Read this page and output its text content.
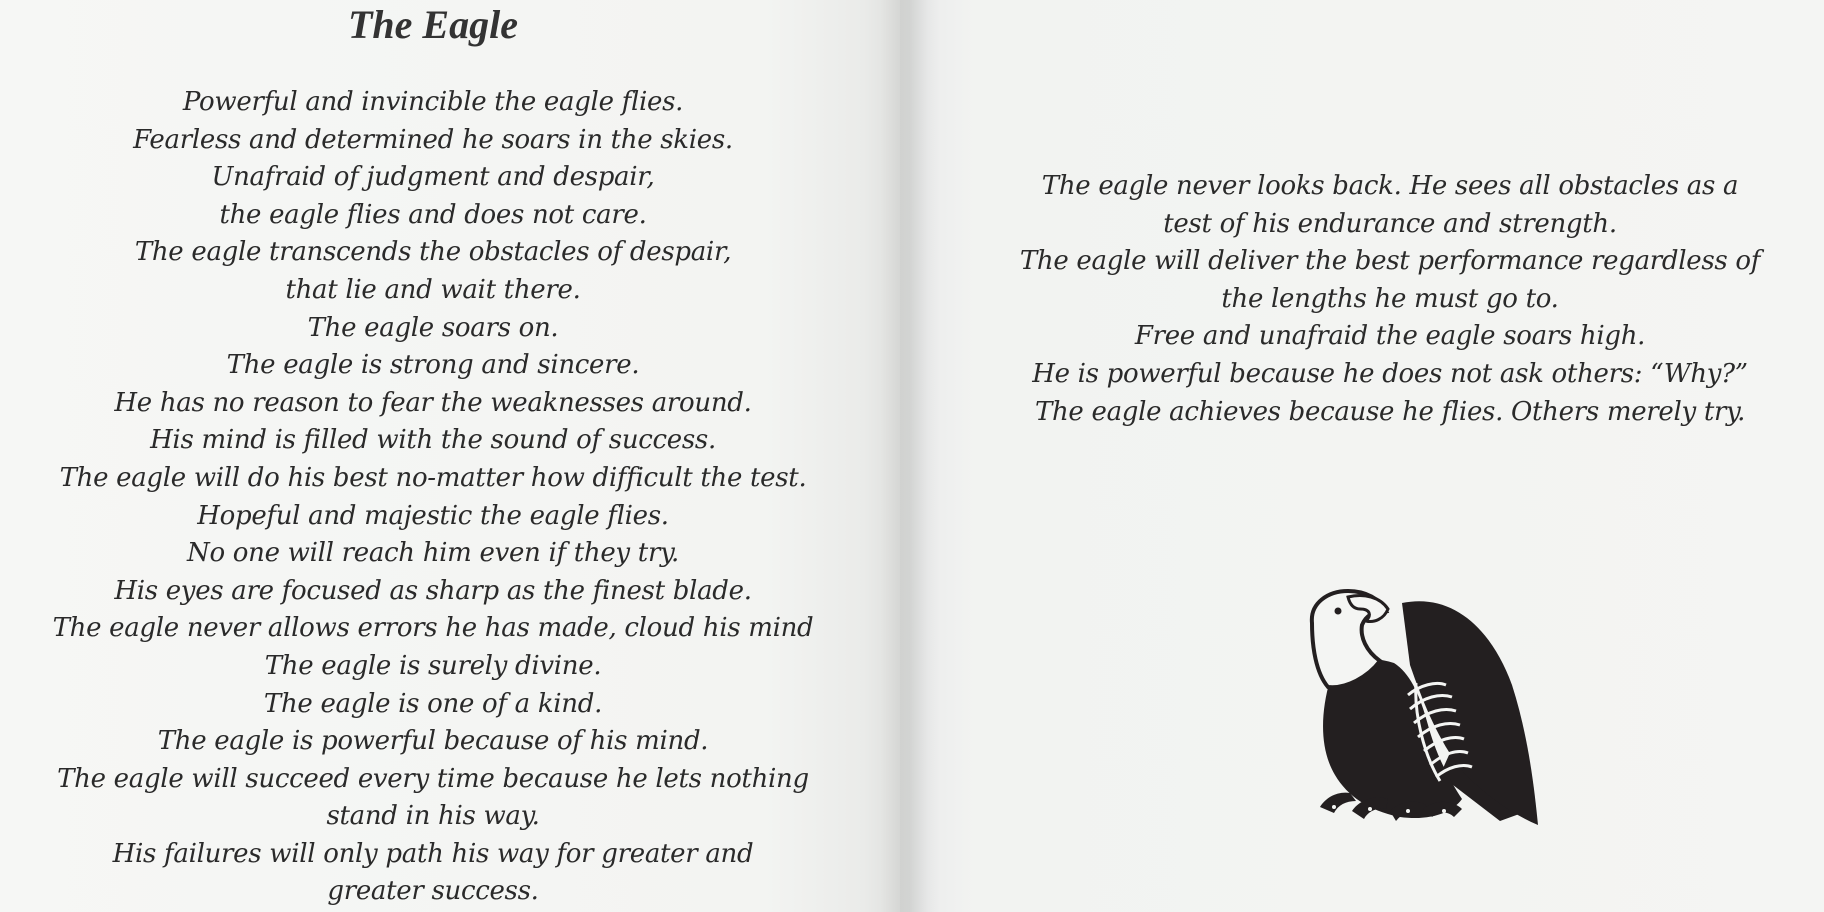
The Eagle
Powerful and invincible the eagle flies.
Fearless and determined he soars in the skies.
Unafraid of judgment and despair,
the eagle flies and does not care.
The eagle transcends the obstacles of despair,
that lie and wait there.
The eagle soars on.
The eagle is strong and sincere.
He has no reason to fear the weaknesses around.
His mind is filled with the sound of success.
The eagle will do his best no-matter how difficult the test.
Hopeful and majestic the eagle flies.
No one will reach him even if they try.
His eyes are focused as sharp as the finest blade.
The eagle never allows errors he has made, cloud his mind
The eagle is surely divine.
The eagle is one of a kind.
The eagle is powerful because of his mind.
The eagle will succeed every time because he lets nothing
stand in his way.
His failures will only path his way for greater and
greater success.
The eagle never looks back. He sees all obstacles as a
test of his endurance and strength.
The eagle will deliver the best performance regardless of
the lengths he must go to.
Free and unafraid the eagle soars high.
He is powerful because he does not ask others: “Why?”
The eagle achieves because he flies. Others merely try.
